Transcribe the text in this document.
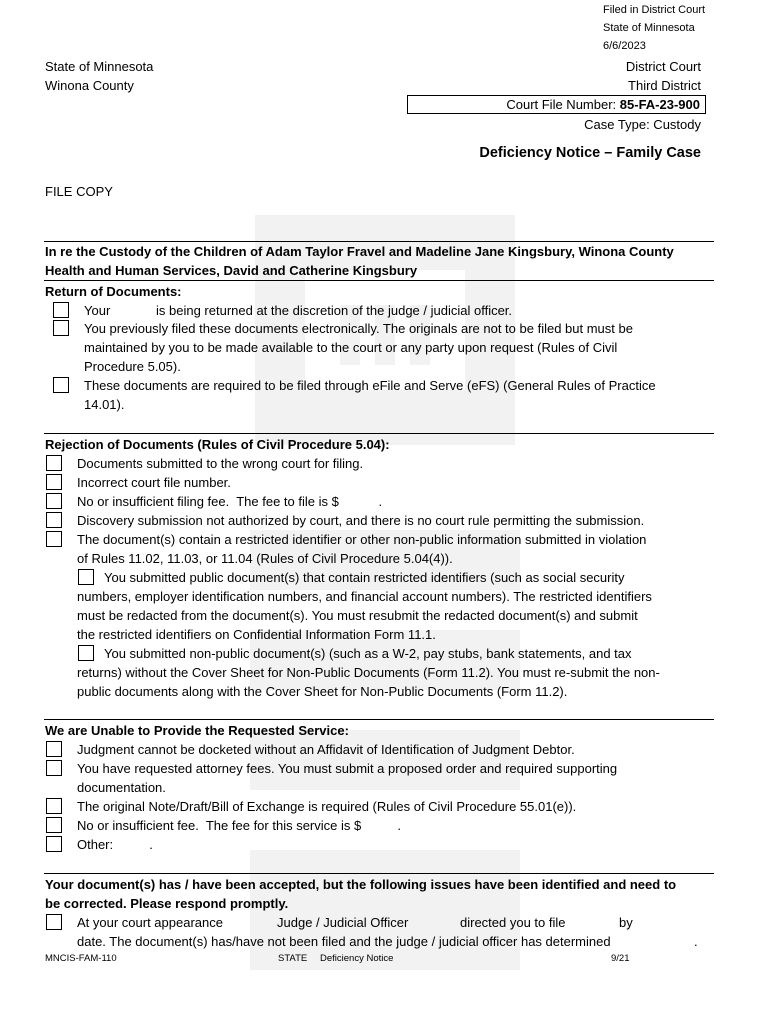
Filed in District Court
State of Minnesota
6/6/2023
State of Minnesota
Winona County
District Court
Third District
Court File Number: 85-FA-23-900
Case Type: Custody
Deficiency Notice – Family Case
FILE COPY
In re the Custody of the Children of Adam Taylor Fravel and Madeline Jane Kingsbury, Winona County Health and Human Services, David and Catherine Kingsbury
Return of Documents:
Your	is being returned at the discretion of the judge / judicial officer.
You previously filed these documents electronically. The originals are not to be filed but must be
maintained by you to be made available to the court or any party upon request (Rules of Civil
Procedure 5.05).
These documents are required to be filed through eFile and Serve (eFS) (General Rules of Practice
14.01).
Rejection of Documents (Rules of Civil Procedure 5.04):
Documents submitted to the wrong court for filing.
Incorrect court file number.
No or insufficient filing fee.  The fee to file is $           .
Discovery submission not authorized by court, and there is no court rule permitting the submission.
The document(s) contain a restricted identifier or other non-public information submitted in violation
of Rules 11.02, 11.03, or 11.04 (Rules of Civil Procedure 5.04(4)).
You submitted public document(s) that contain restricted identifiers (such as social security
numbers, employer identification numbers, and financial account numbers). The restricted identifiers
must be redacted from the document(s). You must resubmit the redacted document(s) and submit
the restricted identifiers on Confidential Information Form 11.1.
You submitted non-public document(s) (such as a W-2, pay stubs, bank statements, and tax
returns) without the Cover Sheet for Non-Public Documents (Form 11.2). You must re-submit the non-
public documents along with the Cover Sheet for Non-Public Documents (Form 11.2).
We are Unable to Provide the Requested Service:
Judgment cannot be docketed without an Affidavit of Identification of Judgment Debtor.
You have requested attorney fees. You must submit a proposed order and required supporting
documentation.
The original Note/Draft/Bill of Exchange is required (Rules of Civil Procedure 55.01(e)).
No or insufficient fee.  The fee for this service is $          .
Other:          .
Your document(s) has / have been accepted, but the following issues have been identified and need to
be corrected. Please respond promptly.
At your court appearance	Judge / Judicial Officer	directed you to file	by
date. The document(s) has/have not been filed and the judge / judicial officer has determined	.
MNCIS-FAM-110	STATE Deficiency Notice	9/21
